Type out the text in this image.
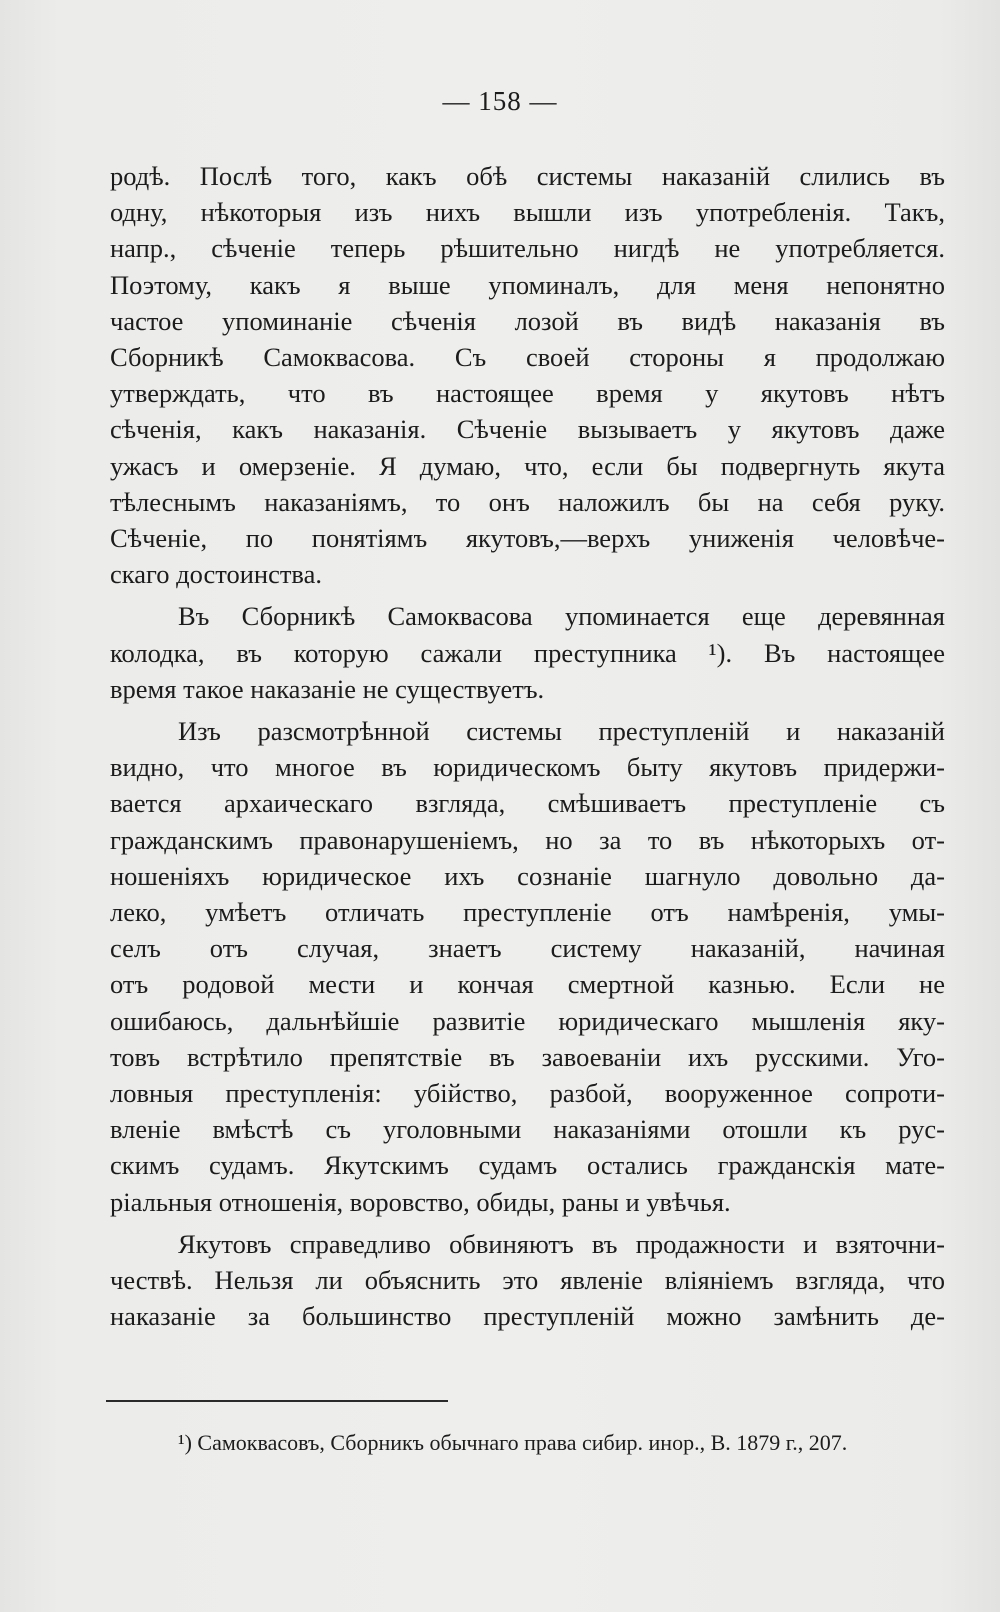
— 158 —

родѣ. Послѣ того, какъ обѣ системы наказаній слились въ
одну, нѣкоторыя изъ нихъ вышли изъ употребленія. Такъ,
напр., сѣченіе теперь рѣшительно нигдѣ не употребляется.
Поэтому, какъ я выше упоминалъ, для меня непонятно
частое упоминаніе сѣченія лозой въ видѣ наказанія въ
Сборникѣ Самоквасова. Съ своей стороны я продолжаю
утверждать, что въ настоящее время у якутовъ нѣтъ
сѣченія, какъ наказанія. Сѣченіе вызываетъ у якутовъ даже
ужасъ и омерзеніе. Я думаю, что, если бы подвергнуть якута
тѣлеснымъ наказаніямъ, то онъ наложилъ бы на себя руку.
Сѣченіе, по понятіямъ якутовъ,—верхъ униженія человѣче-
скаго достоинства.

Въ Сборникѣ Самоквасова упоминается еще деревянная
колодка, въ которую сажали преступника ¹). Въ настоящее
время такое наказаніе не существуетъ.

Изъ разсмотрѣнной системы преступленій и наказаній
видно, что многое въ юридическомъ быту якутовъ придержи-
вается архаическаго взгляда, смѣшиваетъ преступленіе съ
гражданскимъ правонарушеніемъ, но за то въ нѣкоторыхъ от-
ношеніяхъ юридическое ихъ сознаніе шагнуло довольно да-
леко, умѣетъ отличать преступленіе отъ намѣренія, умы-
селъ отъ случая, знаетъ систему наказаній, начиная
отъ родовой мести и кончая смертной казнью. Если не
ошибаюсь, дальнѣйшіе развитіе юридическаго мышленія яку-
товъ встрѣтило препятствіе въ завоеваніи ихъ русскими. Уго-
ловныя преступленія: убійство, разбой, вооруженное сопроти-
вленіе вмѣстѣ съ уголовными наказаніями отошли къ рус-
скимъ судамъ. Якутскимъ судамъ остались гражданскія мате-
ріальныя отношенія, воровство, обиды, раны и увѣчья.

Якутовъ справедливо обвиняютъ въ продажности и взяточни-
чествѣ. Нельзя ли объяснить это явленіе вліяніемъ взгляда, что
наказаніе за большинство преступленій можно замѣнить де-

¹) Самоквасовъ, Сборникъ обычнаго права сибир. инор., В. 1879 г., 207.
